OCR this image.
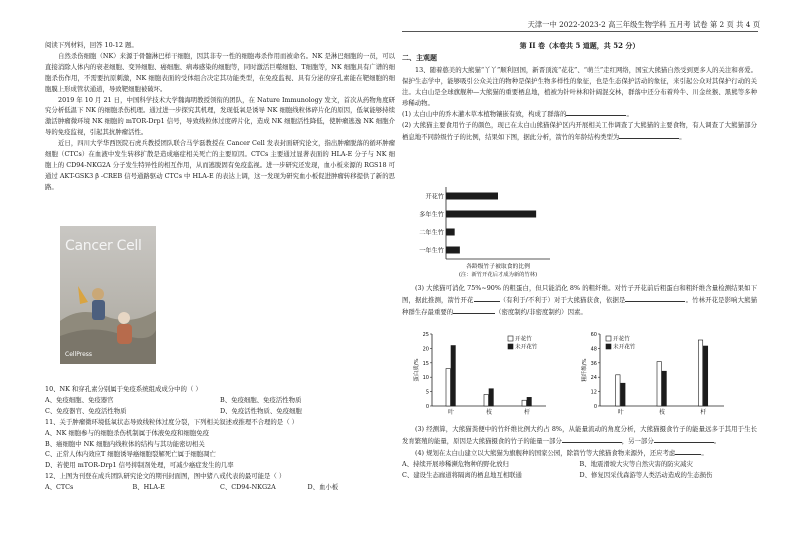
天津一中 2022-2023-2 高三年级生物学科 五月考 试卷 第 2 页 共 4 页

阅读下列材料，回答 10-12 题。

自然杀伤细胞（NK）来源于骨髓淋巴样干细胞，因其非专一性的细胞毒杀作用而被命名。NK 是淋巴细胞的一员，可以直接消除人体内的衰老细胞、变异细胞、癌细胞、病毒感染的细胞等，同时激活巨噬细胞、T细胞等，NK 细胞具有广谱的细胞杀伤作用，不需要抗原刺激，NK 细胞表面的受体组合决定其功能类型，在免疫监视、具有分泌的穿孔素能在靶细胞的细胞膜上形成管状通道，导致靶细胞被破坏。

2019 年 10 月 21 日，中国科学技术大学魏海明教授领衔的团队，在 Nature Immunology 发文，首次从药物角度研究分析低温下 NK 的细胞杀伤机理。通过进一步探究其机理，发现低氧是诱导 NK 细胞线粒体碎片化的原因，低氧能够持续激活肿瘤微环境 NK 细胞的 mTOR-Drp1 信号，导致线粒体过度碎片化，造成 NK 细胞活性降低，使肿瘤逃逸 NK 细胞介导的免疫监视，引起其抗肿瘤活性。

近日，四川大学华西医院石虎兵教授团队联合马学磊教授在 Cancer Cell 发表封面研究论文，指出肿瘤脱落的循环肿瘤细胞（CTCs）在血液中发生转移扩散是造成癌症相关死亡的主要原因。CTCs 主要通过显著表面的 HLA-E 分子与 NK 细胞上的 CD94-NKG2A 分子发生特异性的相互作用，从而逃脱固有免疫监视。进一步研究还发现，血小板来源的 RGS18 可通过 AKT-GSK3 β -CREB 信号通路驱动 CTCs 中 HLA-E 的表达上调，这一发现为研究血小板促进肿瘤转移提供了新的思路。

Cancer Cell
CellPress

10、NK 和穿孔素分别属于免疫系统组成成分中的（ ）

A、免疫细胞、免疫器官	B、免疫细胞、免疫活性物质
C、免疫器官、免疫活性物质	D、免疫活性物质、免疫细胞

11、关于肿瘤微环境低氧状态导致线粒体过度分裂，下列相关叙述或推理不合理的是（ ）

A、NK 细胞参与的细胞杀伤机制属于体液免疫和细胞免疫

B、癌细胞中 NK 细胞内线粒体的结构与其功能密切相关

C、正常人体内效应T 细胞诱导癌细胞裂解死亡属于细胞凋亡

D、若使用 mTOR-Drp1 信号抑制剂处理，可减少癌症发生的几率

12、上图为刊登在成兵团队研究论文的期刊封面图，图中猪八戒代表的最可能是（ ）

A、CTCs	B、HLA-E	C、CD94-NKG2A	D、血小板

第 II 卷（本卷共 5 道题，共 52 分）

二、主观题

13、随着憨美的大熊猫“丫丫”顺利回国，新晋顶流“花花”、“萌兰”走红网络，国宝大熊猫自然受到更多人的关注和喜爱。保护生态学中，能够吸引公众关注的物种是保护生物多样性的象征，也是生态保护活动的象征，来引起公众对其保护行动的关注。太白山是全球旗舰种—大熊猫的重要栖息地，植被为针叶林和针阔混交林，群落中还分布着羚牛、川金丝猴、黑熊等多种珍稀动物。

(1) 太白山中的乔木灌木草本植物镶嵌有致，构成了群落的	。

(2) 大熊猫主要食用竹子的颜色，现已在太白山熊猫保护区内开展相关工作调查了大熊猫的主要食物，有人调查了大熊猫部分栖息地不同龄级竹子的比例，结果如下图，据此分析，箭竹的年龄结构类型为	。

开花竹
多年生竹
二年生竹
一年生竹
各龄级竹子被取食的比例
(注：新竹开花后才成为新的竹林)

(3) 大熊猫可消化 75%~90% 的粗蛋白，但只能消化 8% 的粗纤维。对竹子开花前后粗蛋白和粗纤维含量检测结果如下图，据此推测，箭竹开花	（有利于/不利于）对于大熊猫获食，依据是	。竹林开花是影响大熊猫种群生存最重要的	（密度制约/非密度制约）因素。

0
5
10
15
20
25
蛋白质/%
叶	枝	杆
开花竹
未开花竹
0
12
24
36
48
60
粗纤维/%
叶	枝	杆
开花竹
未开花竹

(3) 经测算，大熊猫粪便中的竹纤维比例大约占 8%，从能量流动的角度分析，大熊猫摄食竹子的能量远多于其用于生长发育繁殖的能量，原因是大熊猫摄食的竹子的能量一部分	，另一部分	。

(4) 规划在太白山建立以大熊猫为旗舰种的国家公园，除箭竹等大熊猫食物来源外，还应考虑	。

A、持续开展珍稀濒危物种的野化放归	B、地震滑坡大灾等自然灾害的防灾减灾
C、建设生态廊道将隔离的栖息地互相联通	D、修复因采伐森游等人类活动造成的生态损伤
